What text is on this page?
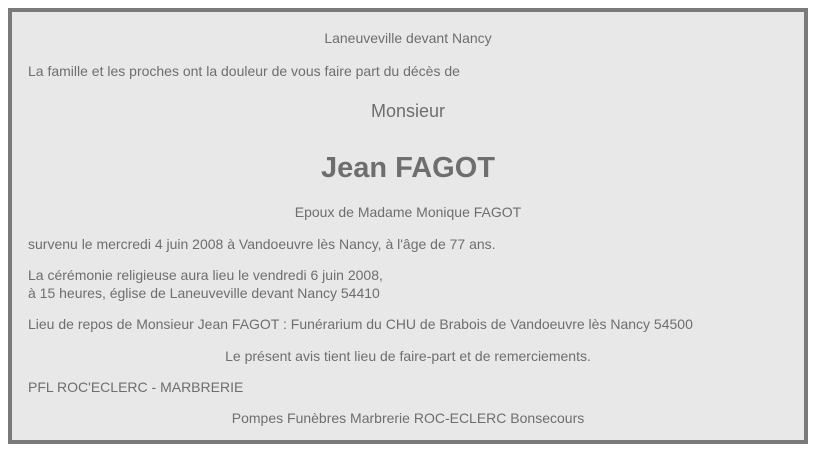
Laneuveville devant Nancy
La famille et les proches ont la douleur de vous faire part du décès de
Monsieur
Jean FAGOT
Epoux de Madame Monique FAGOT
survenu le mercredi 4 juin 2008 à Vandoeuvre lès Nancy, à l'âge de 77 ans.
La cérémonie religieuse aura lieu le vendredi 6 juin 2008,
à 15 heures, église de Laneuveville devant Nancy 54410
Lieu de repos de Monsieur Jean FAGOT : Funérarium du CHU de Brabois de Vandoeuvre lès Nancy 54500
Le présent avis tient lieu de faire-part et de remerciements.
PFL ROC'ECLERC - MARBRERIE
Pompes Funèbres Marbrerie ROC-ECLERC Bonsecours
